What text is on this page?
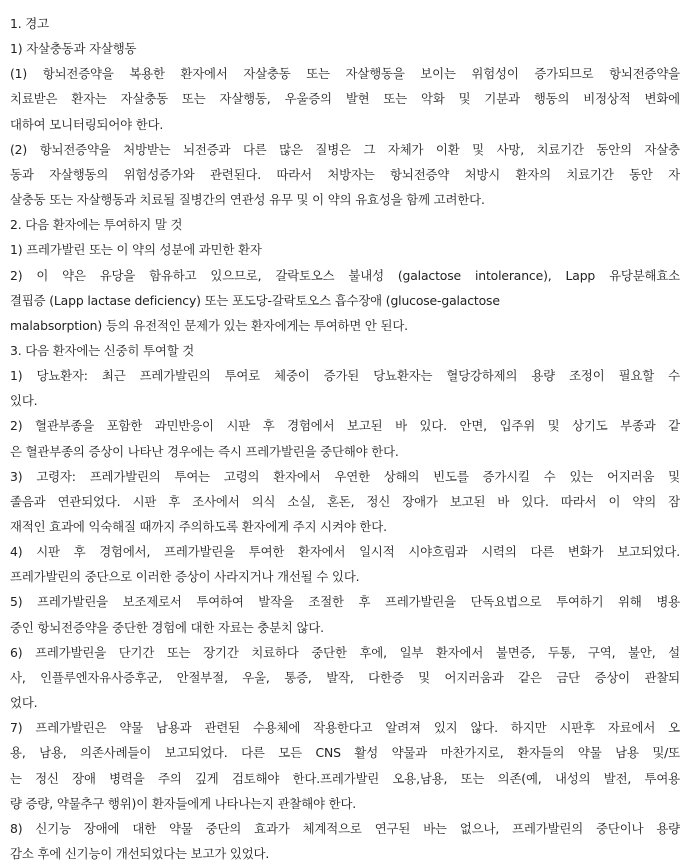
1. 경고
1) 자살충동과 자살행동
(1) 항뇌전증약을 복용한 환자에서 자살충동 또는 자살행동을 보이는 위험성이 증가되므로 항뇌전증약을
치료받은 환자는 자살충동 또는 자살행동, 우울증의 발현 또는 악화 및 기분과 행동의 비정상적 변화에
대하여 모니터링되어야 한다.
(2) 항뇌전증약을 처방받는 뇌전증과 다른 많은 질병은 그 자체가 이환 및 사망, 치료기간 동안의 자살충
동과 자살행동의 위험성증가와 관련된다. 따라서 처방자는 항뇌전증약 처방시 환자의 치료기간 동안 자
살충동 또는 자살행동과 치료될 질병간의 연관성 유무 및 이 약의 유효성을 함께 고려한다.
2. 다음 환자에는 투여하지 말 것
1) 프레가발린 또는 이 약의 성분에 과민한 환자
2) 이 약은 유당을 함유하고 있으므로, 갈락토오스 불내성 (galactose intolerance), Lapp 유당분해효소
결핍증 (Lapp lactase deficiency) 또는 포도당-갈락토오스 흡수장애 (glucose-galactose
malabsorption) 등의 유전적인 문제가 있는 환자에게는 투여하면 안 된다.
3. 다음 환자에는 신중히 투여할 것
1) 당뇨환자: 최근 프레가발린의 투여로 체중이 증가된 당뇨환자는 혈당강하제의 용량 조정이 필요할 수
있다.
2) 혈관부종을 포함한 과민반응이 시판 후 경험에서 보고된 바 있다. 안면, 입주위 및 상기도 부종과 같
은 혈관부종의 증상이 나타난 경우에는 즉시 프레가발린을 중단해야 한다.
3) 고령자: 프레가발린의 투여는 고령의 환자에서 우연한 상해의 빈도를 증가시킬 수 있는 어지러움 및
졸음과 연관되었다. 시판 후 조사에서 의식 소실, 혼돈, 정신 장애가 보고된 바 있다. 따라서 이 약의 잠
재적인 효과에 익숙해질 때까지 주의하도록 환자에게 주지 시켜야 한다.
4) 시판 후 경험에서, 프레가발린을 투여한 환자에서 일시적 시야흐림과 시력의 다른 변화가 보고되었다.
프레가발린의 중단으로 이러한 증상이 사라지거나 개선될 수 있다.
5) 프레가발린을 보조제로서 투여하여 발작을 조절한 후 프레가발린을 단독요법으로 투여하기 위해 병용
중인 항뇌전증약을 중단한 경험에 대한 자료는 충분치 않다.
6) 프레가발린을 단기간 또는 장기간 치료하다 중단한 후에, 일부 환자에서 불면증, 두통, 구역, 불안, 설
사, 인플루엔자유사증후군, 안절부절, 우울, 통증, 발작, 다한증 및 어지러움과 같은 금단 증상이 관찰되
었다.
7) 프레가발린은 약물 남용과 관련된 수용체에 작용한다고 알려져 있지 않다. 하지만 시판후 자료에서 오
용, 남용, 의존사례들이 보고되었다. 다른 모든 CNS 활성 약물과 마찬가지로, 환자들의 약물 남용 및/또
는 정신 장애 병력을 주의 깊게 검토해야 한다.프레가발린 오용,남용, 또는 의존(예, 내성의 발전, 투여용
량 증량, 약물추구 행위)이 환자들에게 나타나는지 관찰해야 한다.
8) 신기능 장애에 대한 약물 중단의 효과가 체계적으로 연구된 바는 없으나, 프레가발린의 중단이나 용량
감소 후에 신기능이 개선되었다는 보고가 있었다.
